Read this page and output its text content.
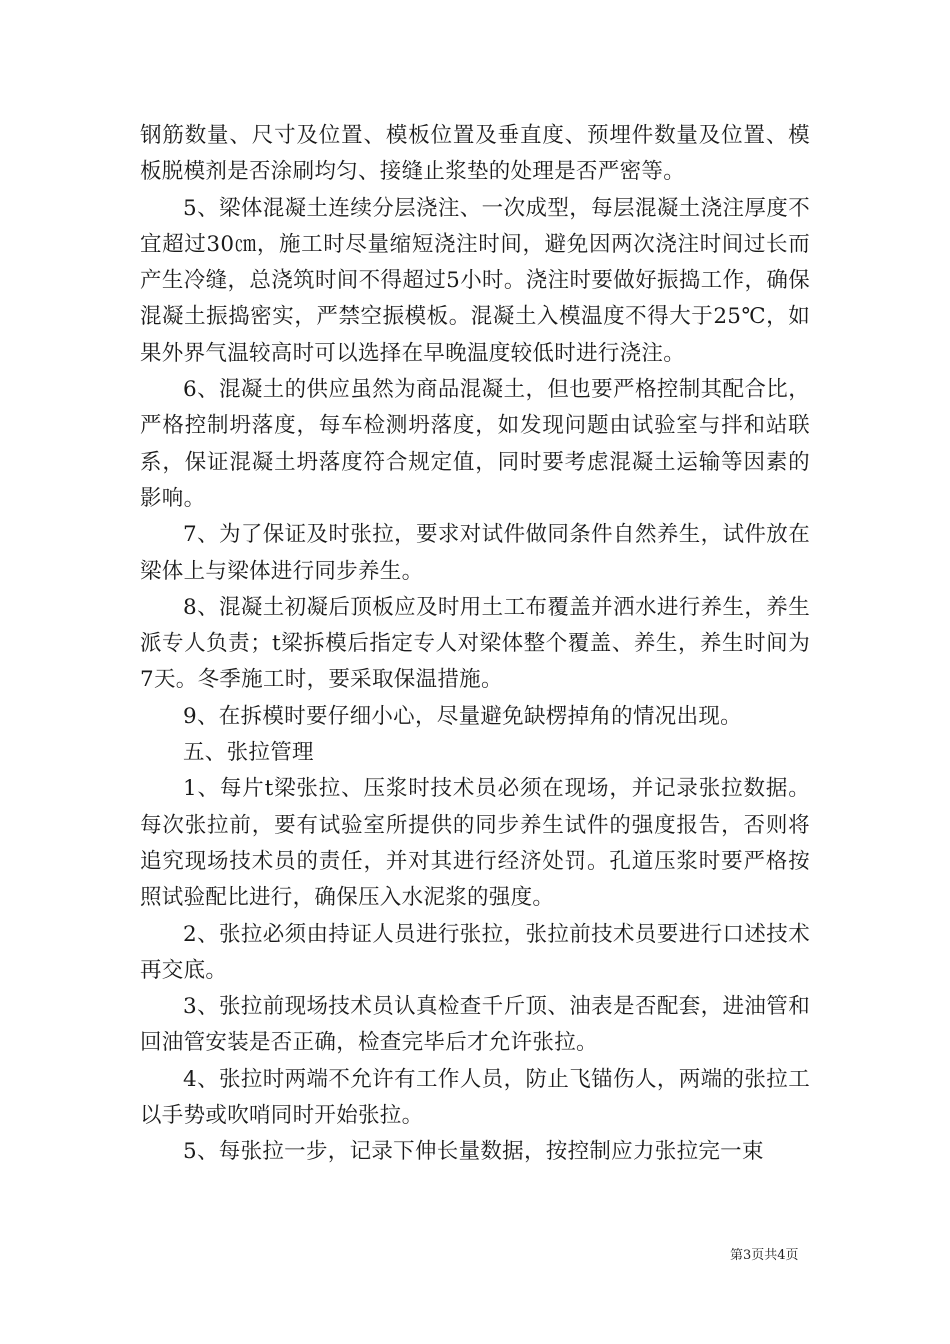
钢筋数量、尺寸及位置、模板位置及垂直度、预埋件数量及位置、模板脱模剂是否涂刷均匀、接缝止浆垫的处理是否严密等。

5、梁体混凝土连续分层浇注、一次成型，每层混凝土浇注厚度不宜超过30㎝，施工时尽量缩短浇注时间，避免因两次浇注时间过长而产生冷缝，总浇筑时间不得超过5小时。浇注时要做好振捣工作，确保混凝土振捣密实，严禁空振模板。混凝土入模温度不得大于25℃，如果外界气温较高时可以选择在早晚温度较低时进行浇注。

6、混凝土的供应虽然为商品混凝土，但也要严格控制其配合比，严格控制坍落度，每车检测坍落度，如发现问题由试验室与拌和站联系，保证混凝土坍落度符合规定值，同时要考虑混凝土运输等因素的影响。

7、为了保证及时张拉，要求对试件做同条件自然养生，试件放在梁体上与梁体进行同步养生。

8、混凝土初凝后顶板应及时用土工布覆盖并洒水进行养生，养生派专人负责；t梁拆模后指定专人对梁体整个覆盖、养生，养生时间为7天。冬季施工时，要采取保温措施。

9、在拆模时要仔细小心，尽量避免缺楞掉角的情况出现。

五、张拉管理

1、每片t梁张拉、压浆时技术员必须在现场，并记录张拉数据。每次张拉前，要有试验室所提供的同步养生试件的强度报告，否则将追究现场技术员的责任，并对其进行经济处罚。孔道压浆时要严格按照试验配比进行，确保压入水泥浆的强度。

2、张拉必须由持证人员进行张拉，张拉前技术员要进行口述技术再交底。

3、张拉前现场技术员认真检查千斤顶、油表是否配套，进油管和回油管安装是否正确，检查完毕后才允许张拉。

4、张拉时两端不允许有工作人员，防止飞锚伤人，两端的张拉工以手势或吹哨同时开始张拉。

5、每张拉一步，记录下伸长量数据，按控制应力张拉完一束

第3页共4页
